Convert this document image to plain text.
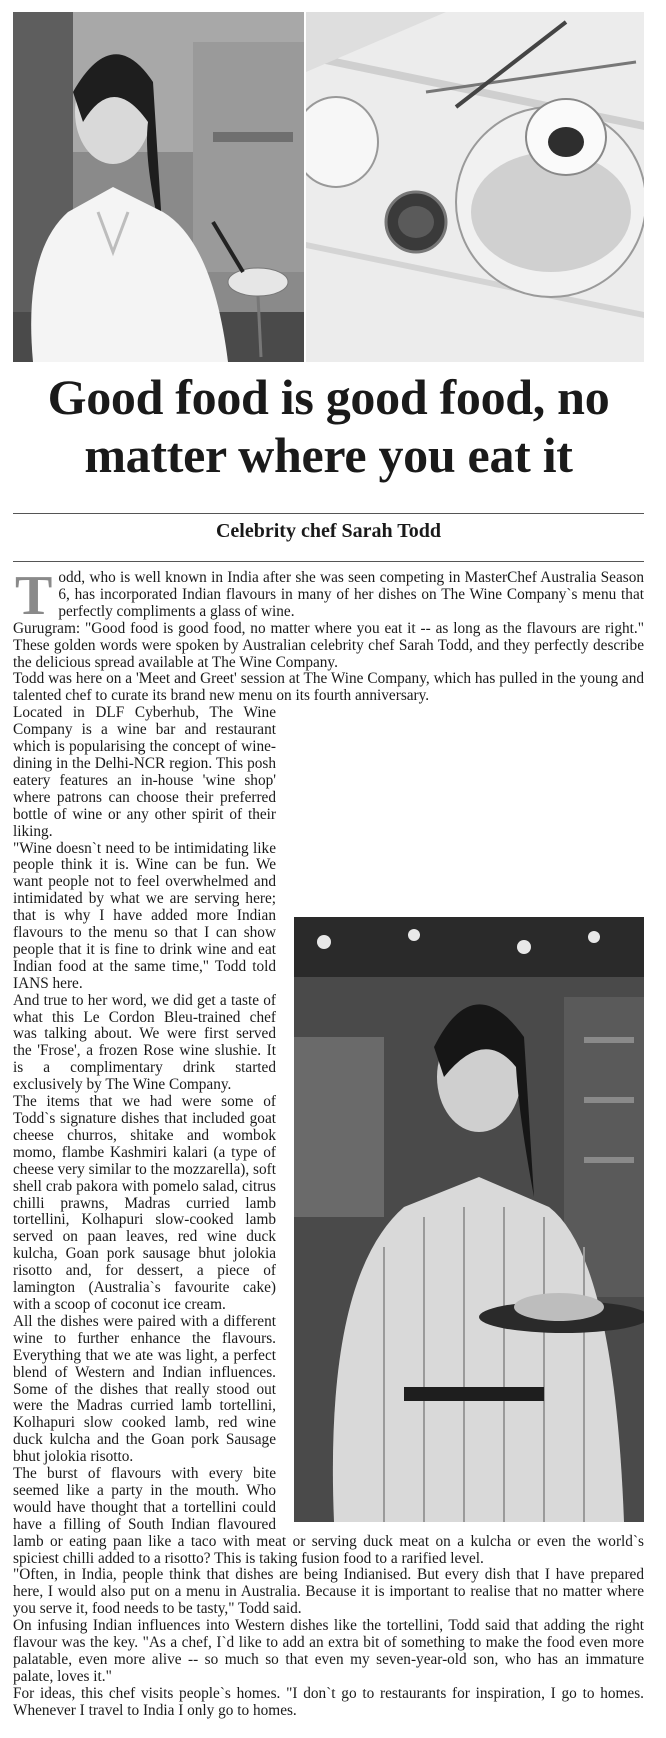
Good food is good food, no matter where you eat it
Celebrity chef Sarah Todd

Todd, who is well known in India after she was seen competing in MasterChef Australia Season 6, has incorporated Indian flavours in many of her dishes on The Wine Company`s menu that perfectly compliments a glass of wine.

Gurugram: "Good food is good food, no matter where you eat it -- as long as the flavours are right." These golden words were spoken by Australian celebrity chef Sarah Todd, and they perfectly describe the delicious spread available at The Wine Company.

Todd was here on a 'Meet and Greet' session at The Wine Company, which has pulled in the young and talented chef to curate its brand new menu on its fourth anniversary.

Located in DLF Cyberhub, The Wine Company is a wine bar and restaurant which is popularising the concept of wine-dining in the Delhi-NCR region. This posh eatery features an in-house 'wine shop' where patrons can choose their preferred bottle of wine or any other spirit of their liking.

"Wine doesn`t need to be intimidating like people think it is. Wine can be fun. We want people not to feel overwhelmed and intimidated by what we are serving here; that is why I have added more Indian flavours to the menu so that I can show people that it is fine to drink wine and eat Indian food at the same time," Todd told IANS here.

And true to her word, we did get a taste of what this Le Cordon Bleu-trained chef was talking about. We were first served the 'Frose', a frozen Rose wine slushie. It is a complimentary drink started exclusively by The Wine Company.

The items that we had were some of Todd`s signature dishes that included goat cheese churros, shitake and wombok momo, flambe Kashmiri kalari (a type of cheese very similar to the mozzarella), soft shell crab pakora with pomelo salad, citrus chilli prawns, Madras curried lamb tortellini, Kolhapuri slow-cooked lamb served on paan leaves, red wine duck kulcha, Goan pork sausage bhut jolokia risotto and, for dessert, a piece of lamington (Australia`s favourite cake) with a scoop of coconut ice cream.

All the dishes were paired with a different wine to further enhance the flavours. Everything that we ate was light, a perfect blend of Western and Indian influences. Some of the dishes that really stood out were the Madras curried lamb tortellini, Kolhapuri slow cooked lamb, red wine duck kulcha and the Goan pork Sausage bhut jolokia risotto.

The burst of flavours with every bite seemed like a party in the mouth. Who would have thought that a tortellini could have a filling of South Indian flavoured lamb or eating paan like a taco with meat or serving duck meat on a kulcha or even the world`s spiciest chilli added to a risotto? This is taking fusion food to a rarified level.

"Often, in India, people think that dishes are being Indianised. But every dish that I have prepared here, I would also put on a menu in Australia. Because it is important to realise that no matter where you serve it, food needs to be tasty," Todd said.

On infusing Indian influences into Western dishes like the tortellini, Todd said that adding the right flavour was the key. "As a chef, I`d like to add an extra bit of something to make the food even more palatable, even more alive -- so much so that even my seven-year-old son, who has an immature palate, loves it."

For ideas, this chef visits people`s homes. "I don`t go to restaurants for inspiration, I go to homes. Whenever I travel to India I only go to homes.
